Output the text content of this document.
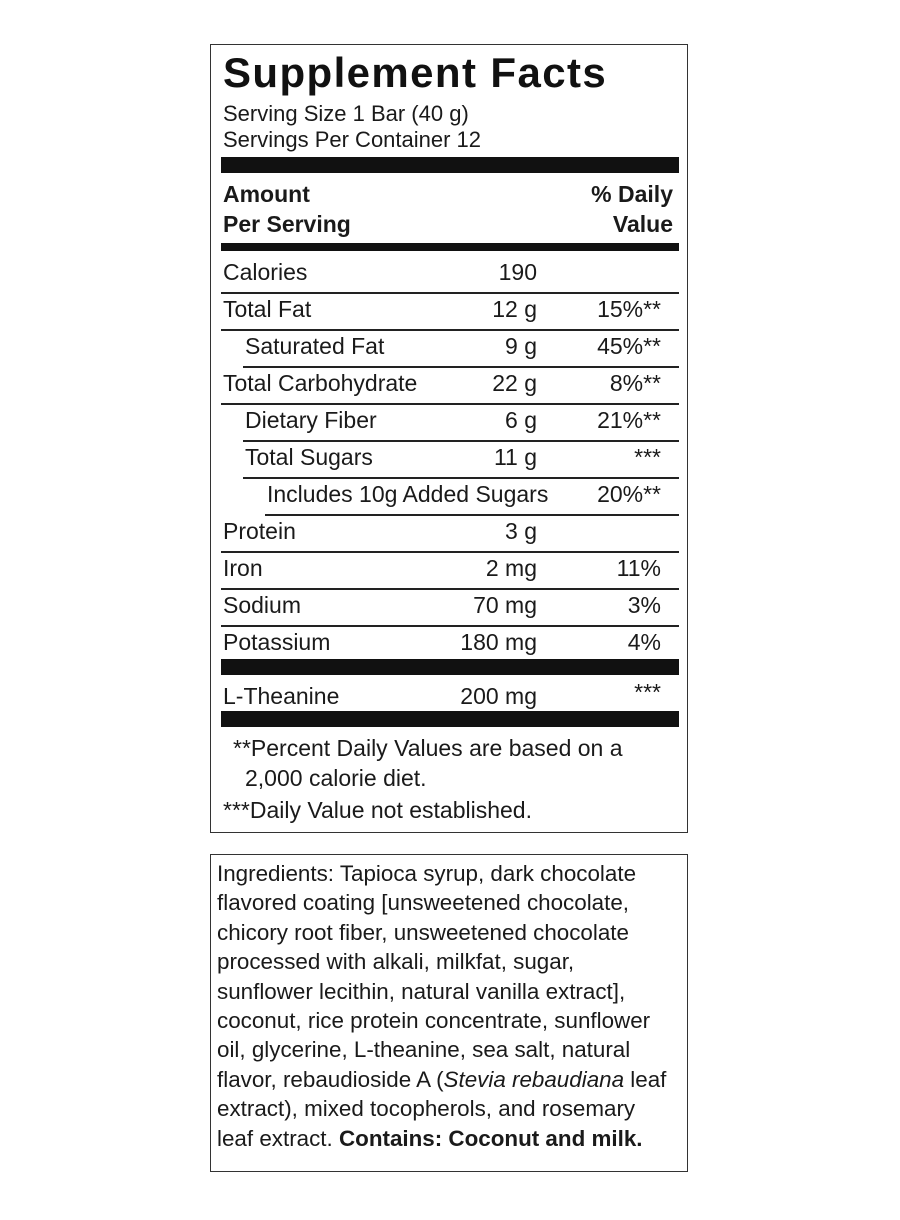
Supplement Facts
Serving Size 1 Bar (40 g)
Servings Per Container 12
Amount
Per Serving
% Daily
Value
Calories	190
Total Fat	12 g	15%**
Saturated Fat	9 g	45%**
Total Carbohydrate	22 g	8%**
Dietary Fiber	6 g	21%**
Total Sugars	11 g	***
Includes 10g Added Sugars	20%**
Protein	3 g
Iron	2 mg	11%
Sodium	70 mg	3%
Potassium	180 mg	4%
L-Theanine	200 mg	***
**Percent Daily Values are based on a
2,000 calorie diet.
***Daily Value not established.
Ingredients: Tapioca syrup, dark chocolate
flavored coating [unsweetened chocolate,
chicory root fiber, unsweetened chocolate
processed with alkali, milkfat, sugar,
sunflower lecithin, natural vanilla extract],
coconut, rice protein concentrate, sunflower
oil, glycerine, L-theanine, sea salt, natural
flavor, rebaudioside A (Stevia rebaudiana leaf
extract), mixed tocopherols, and rosemary
leaf extract. Contains: Coconut and milk.
